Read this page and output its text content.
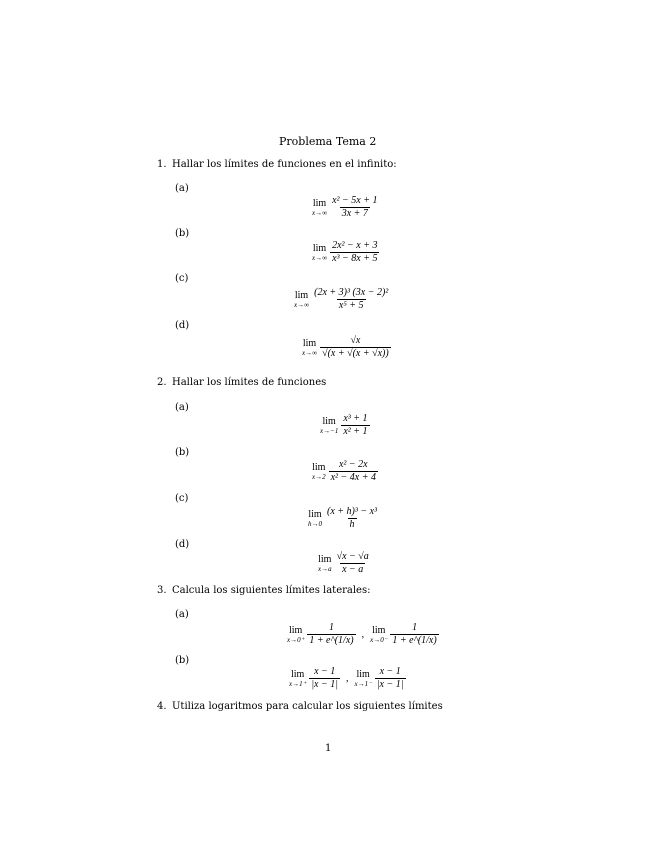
Problema Tema 2
1. Hallar los límites de funciones en el infinito:
(a)
lim
$x\to\infty \frac{\text{x² − 5x + 1}}{3x + 7}$
(b)
lim
$x\to\infty \frac{\text{2x² − x + 3}}{\text{x³ − 8x + 5}}$
(c)
lim
$x\to\infty \frac{\text{(2x + 3)³ (3x − 2)²}}{\text{x⁵ + 5}}$
(d)
lim
$x\to\infty \frac{√x}{√(x + √(x + √x))}$
2. Hallar los límites de funciones
(a)
lim
$x\to-1 \frac{\text{x³ + 1}}{\text{x² + 1}}$
(b)
lim
$x\to 2 \frac{\text{x² − 2x}}{\text{x² − 4x + 4}}$
(c)
lim
$h\to 0 \frac{\text{(x + h)³ − x³}}{h}$
(d)
lim
$x\to a \frac{√x - √a}{x - a}$
3. Calcula los siguientes límites laterales:
(a)
lim
$x\to 0^+ \frac{1}{1 + e\^{}(1/x)}$ , lim
$x\to 0^- \frac{1}{1 + e\^{}(1/x)}$
(b)
lim
$x\to 1^+ \frac{x - 1}{|x - 1|}$ , lim
$x\to 1^- \frac{x - 1}{|x - 1|}$
4. Utiliza logaritmos para calcular los siguientes límites
1
